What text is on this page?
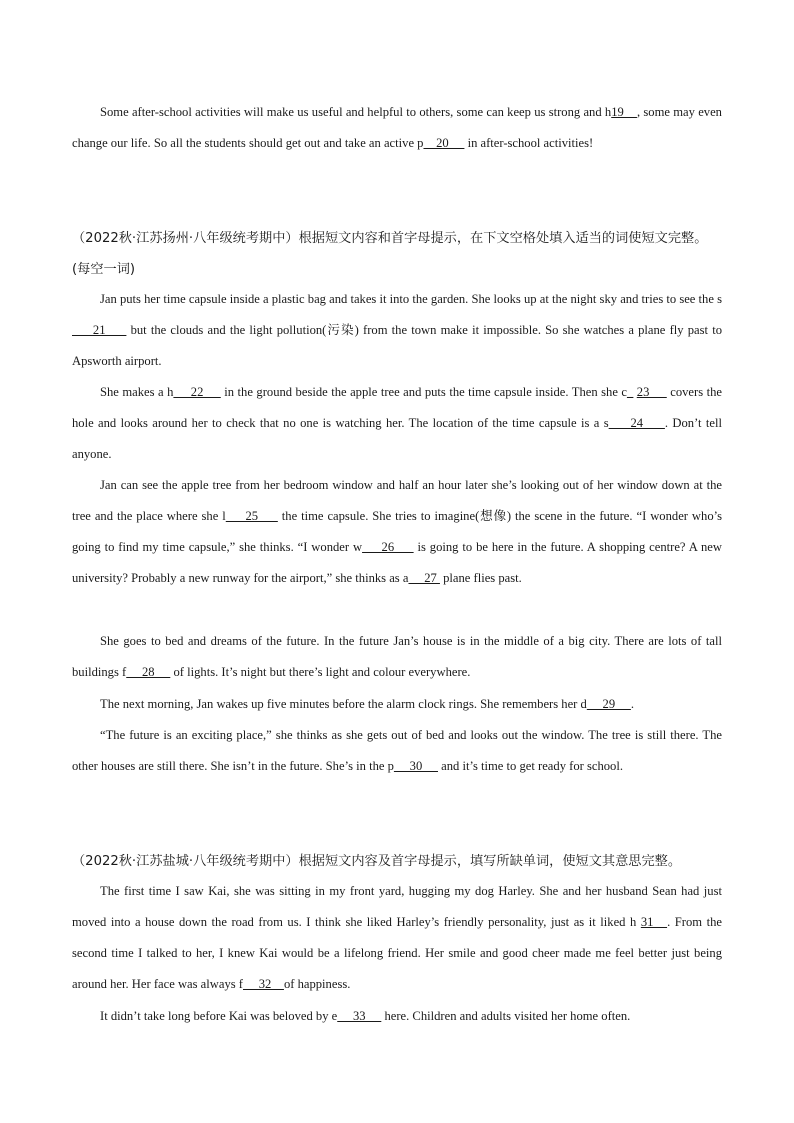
Some after-school activities will make us useful and helpful to others, some can keep us strong and h19    , some may even change our life. So all the students should get out and take an active p    20      in after-school activities!
（2022秋·江苏扬州·八年级统考期中）根据短文内容和首字母提示，在下文空格处填入适当的词使短文完整。(每空一词)
Jan puts her time capsule inside a plastic bag and takes it into the garden. She looks up at the night sky and tries to see the s     21      but the clouds and the light pollution(污染) from the town make it impossible. So she watches a plane fly past to Apsworth airport.
She makes a h     22      in the ground beside the apple tree and puts the time capsule inside. Then she c_ 23      covers the hole and looks around her to check that no one is watching her. The location of the time capsule is a s     24     . Don’t tell anyone.
Jan can see the apple tree from her bedroom window and half an hour later she’s looking out of her window down at the tree and the place where she l     25      the time capsule. She tries to imagine(想像) the scene in the future. “I wonder who’s going to find my time capsule,” she thinks. “I wonder w     26      is going to be here in the future. A shopping centre? A new university? Probably a new runway for the airport,” she thinks as a     27  plane flies past.
She goes to bed and dreams of the future. In the future Jan’s house is in the middle of a big city. There are lots of tall buildings f     28      of lights. It’s night but there’s light and colour everywhere.
The next morning, Jan wakes up five minutes before the alarm clock rings. She remembers her d     29     .
“The future is an exciting place,” she thinks as she gets out of bed and looks out the window. The tree is still there. The other houses are still there. She isn’t in the future. She’s in the p     30      and it’s time to get ready for school.
（2022秋·江苏盐城·八年级统考期中）根据短文内容及首字母提示，填写所缺单词，使短文其意思完整。
The first time I saw Kai, she was sitting in my front yard, hugging my dog Harley. She and her husband Sean had just moved into a house down the road from us. I think she liked Harley’s friendly personality, just as it liked h 31   . From the second time I talked to her, I knew Kai would be a lifelong friend. Her smile and good cheer made me feel better just being around her. Her face was always f     32    of happiness.
It didn’t take long before Kai was beloved by e     33      here. Children and adults visited her home often.
